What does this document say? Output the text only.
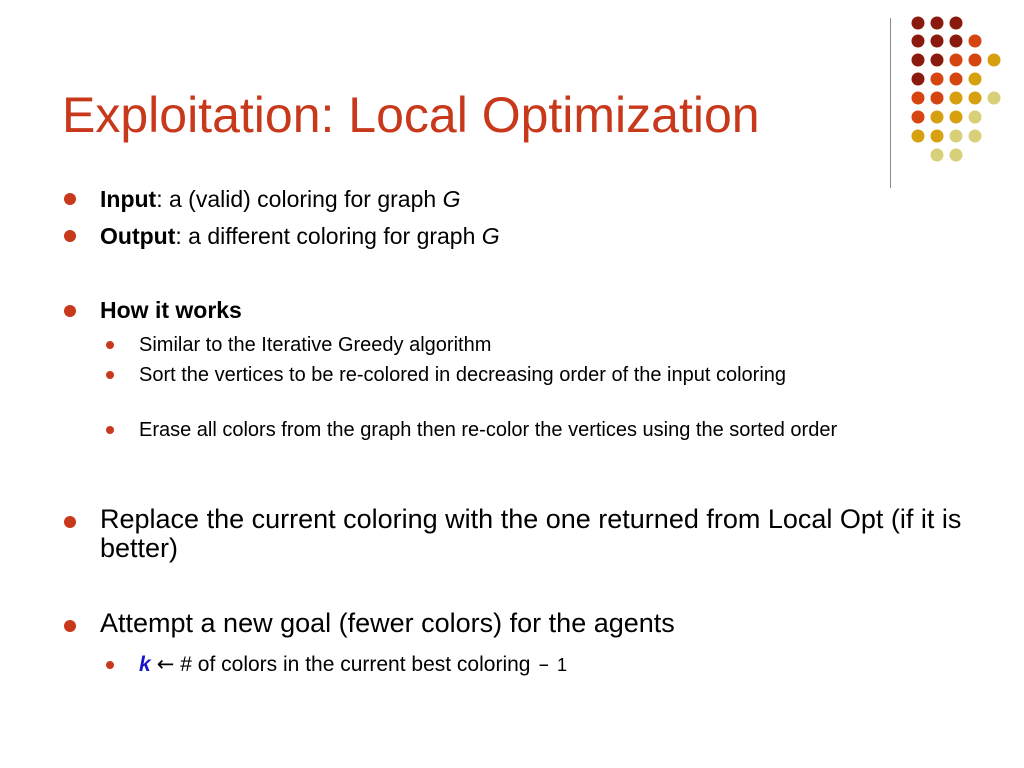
Exploitation: Local Optimization
Input: a (valid) coloring for graph G
Output: a different coloring for graph G
How it works
Similar to the Iterative Greedy algorithm
Sort the vertices to be re-colored in decreasing order of the input coloring
Erase all colors from the graph then re-color the vertices using the sorted order
Replace the current coloring with the one returned from Local Opt (if it is better)
Attempt a new goal (fewer colors) for the agents
k ← # of colors in the current best coloring – 1
